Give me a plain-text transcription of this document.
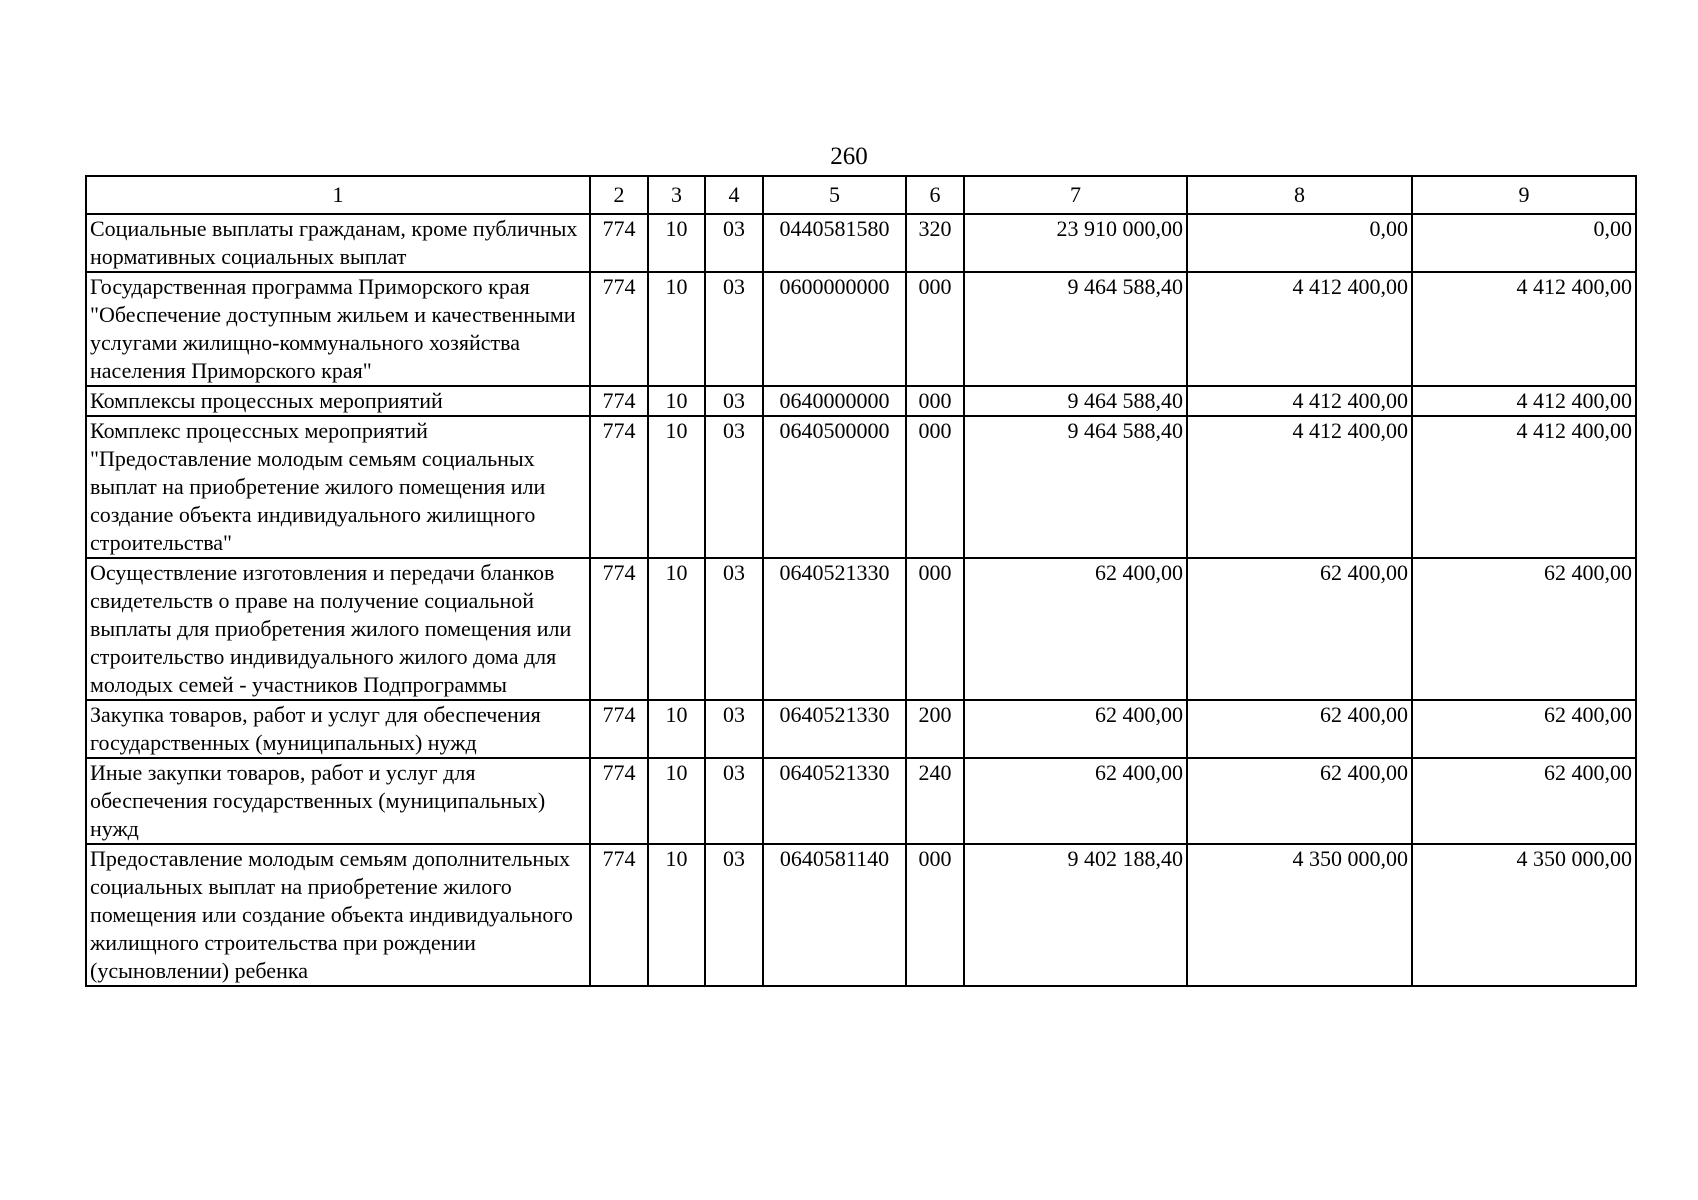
260
1	2	3	4	5	6	7	8	9
Социальные выплаты гражданам, кроме публичных нормативных социальных выплат	774	10	03	0440581580	320	23 910 000,00	0,00	0,00
Государственная программа Приморского края "Обеспечение доступным жильем и качественными услугами жилищно-коммунального хозяйства населения Приморского края"	774	10	03	0600000000	000	9 464 588,40	4 412 400,00	4 412 400,00
Комплексы процессных мероприятий	774	10	03	0640000000	000	9 464 588,40	4 412 400,00	4 412 400,00
Комплекс процессных мероприятий "Предоставление молодым семьям социальных выплат на приобретение жилого помещения или создание объекта индивидуального жилищного строительства"	774	10	03	0640500000	000	9 464 588,40	4 412 400,00	4 412 400,00
Осуществление изготовления и передачи бланков свидетельств о праве на получение социальной выплаты для приобретения жилого помещения или строительство индивидуального жилого дома для молодых семей - участников Подпрограммы	774	10	03	0640521330	000	62 400,00	62 400,00	62 400,00
Закупка товаров, работ и услуг для обеспечения государственных (муниципальных) нужд	774	10	03	0640521330	200	62 400,00	62 400,00	62 400,00
Иные закупки товаров, работ и услуг для обеспечения государственных (муниципальных) нужд	774	10	03	0640521330	240	62 400,00	62 400,00	62 400,00
Предоставление молодым семьям дополнительных социальных выплат на приобретение жилого помещения или создание объекта индивидуального жилищного строительства при рождении (усыновлении) ребенка	774	10	03	0640581140	000	9 402 188,40	4 350 000,00	4 350 000,00
